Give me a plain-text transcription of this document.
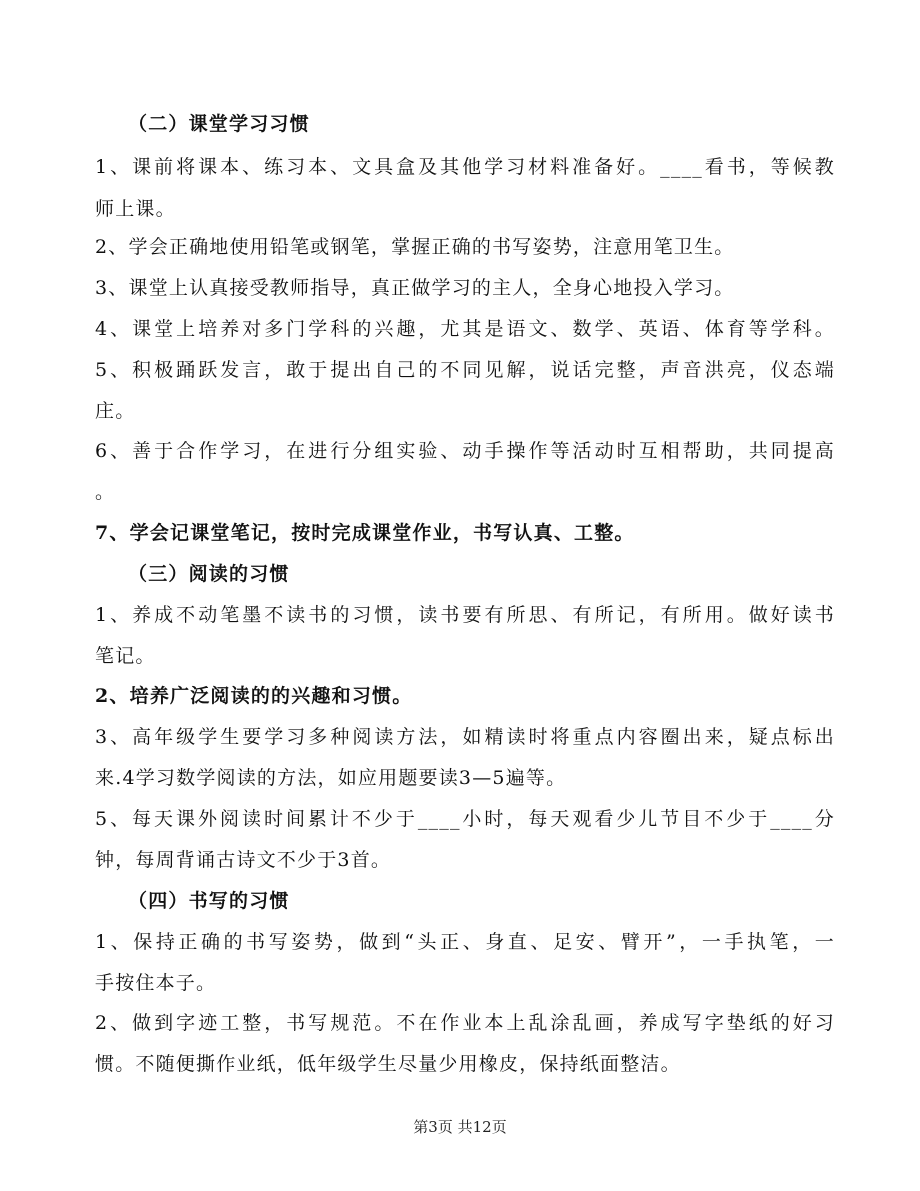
（二）课堂学习习惯
1、课前将课本、练习本、文具盒及其他学习材料准备好。____看书，等候教
师上课。
2、学会正确地使用铅笔或钢笔，掌握正确的书写姿势，注意用笔卫生。
3、课堂上认真接受教师指导，真正做学习的主人，全身心地投入学习。
4、课堂上培养对多门学科的兴趣，尤其是语文、数学、英语、体育等学科。
5、积极踊跃发言，敢于提出自己的不同见解，说话完整，声音洪亮，仪态端
庄。
6、善于合作学习，在进行分组实验、动手操作等活动时互相帮助，共同提高
。
7、学会记课堂笔记，按时完成课堂作业，书写认真、工整。
（三）阅读的习惯
1、养成不动笔墨不读书的习惯，读书要有所思、有所记，有所用。做好读书
笔记。
2、培养广泛阅读的的兴趣和习惯。
3、高年级学生要学习多种阅读方法，如精读时将重点内容圈出来，疑点标出
来.4学习数学阅读的方法，如应用题要读3—5遍等。
5、每天课外阅读时间累计不少于____小时，每天观看少儿节目不少于____分
钟，每周背诵古诗文不少于3首。
（四）书写的习惯
1、保持正确的书写姿势，做到“头正、身直、足安、臂开”，一手执笔，一
手按住本子。
2、做到字迹工整，书写规范。不在作业本上乱涂乱画，养成写字垫纸的好习
惯。不随便撕作业纸，低年级学生尽量少用橡皮，保持纸面整洁。
第3页 共12页
